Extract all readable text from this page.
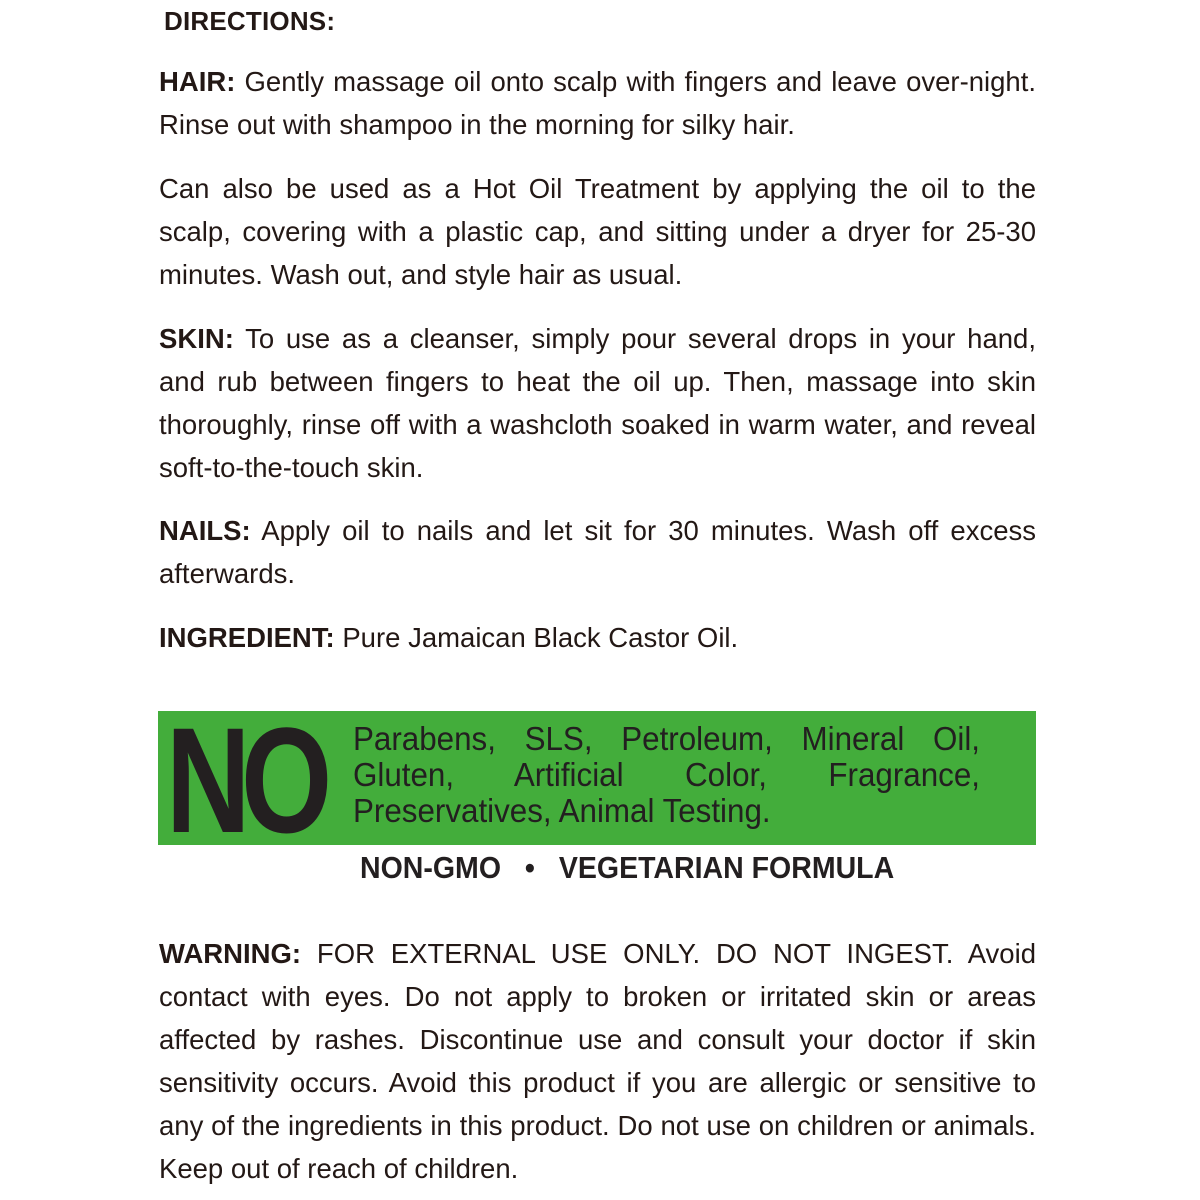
DIRECTIONS:
HAIR: Gently massage oil onto scalp with fingers and leave over-night. Rinse out with shampoo in the morning for silky hair.
Can also be used as a Hot Oil Treatment by applying the oil to the scalp, covering with a plastic cap, and sitting under a dryer for 25-30 minutes. Wash out, and style hair as usual.
SKIN: To use as a cleanser, simply pour several drops in your hand, and rub between fingers to heat the oil up. Then, massage into skin thoroughly, rinse off with a washcloth soaked in warm water, and reveal soft-to-the-touch skin.
NAILS: Apply oil to nails and let sit for 30 minutes. Wash off excess afterwards.
INGREDIENT: Pure Jamaican Black Castor Oil.
NO Parabens, SLS, Petroleum, Mineral Oil, Gluten, Artificial Color, Fragrance, Preservatives, Animal Testing.
NON-GMO • VEGETARIAN FORMULA
WARNING: FOR EXTERNAL USE ONLY. DO NOT INGEST. Avoid contact with eyes. Do not apply to broken or irritated skin or areas affected by rashes. Discontinue use and consult your doctor if skin sensitivity occurs. Avoid this product if you are allergic or sensitive to any of the ingredients in this product. Do not use on children or animals. Keep out of reach of children.
